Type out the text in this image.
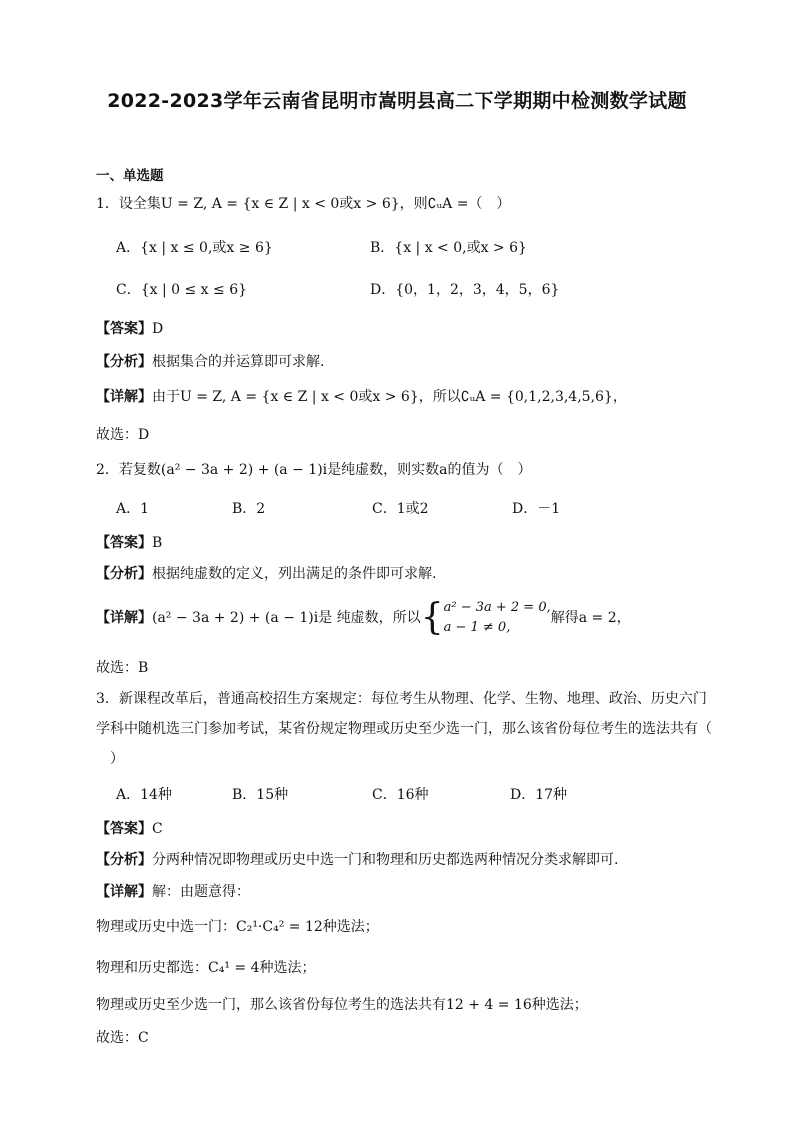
2022-2023学年云南省昆明市嵩明县高二下学期期中检测数学试题
一、单选题
1．设全集U = Z, A = {x ∈ Z | x < 0或x > 6}，则∁ᵤA =（　）
A．{x | x ≤ 0,或x ≥ 6}	B．{x | x < 0,或x > 6}
C．{x | 0 ≤ x ≤ 6}	D．{0，1，2，3，4，5，6}
【答案】D
【分析】根据集合的并运算即可求解.
【详解】由于U = Z, A = {x ∈ Z | x < 0或x > 6}，所以∁ᵤA = {0,1,2,3,4,5,6}，
故选：D
2．若复数(a² − 3a + 2) + (a − 1)i是纯虚数，则实数a的值为（　）
A．1	B．2	C．1或2	D．－1
【答案】B
【分析】根据纯虚数的定义，列出满足的条件即可求解.
【详解】(a² − 3a + 2) + (a − 1)i是 纯虚数，所以{a² − 3a + 2 = 0,
a − 1 ≠ 0,解得a = 2，
故选：B
3．新课程改革后，普通高校招生方案规定：每位考生从物理、化学、生物、地理、政治、历史六门
学科中随机选三门参加考试，某省份规定物理或历史至少选一门，那么该省份每位考生的选法共有（
　）
A．14种	B．15种	C．16种	D．17种
【答案】C
【分析】分两种情况即物理或历史中选一门和物理和历史都选两种情况分类求解即可.
【详解】解：由题意得：
物理或历史中选一门：C₂¹·C₄² = 12种选法；
物理和历史都选：C₄¹ = 4种选法；
物理或历史至少选一门，那么该省份每位考生的选法共有12 + 4 = 16种选法；
故选：C
